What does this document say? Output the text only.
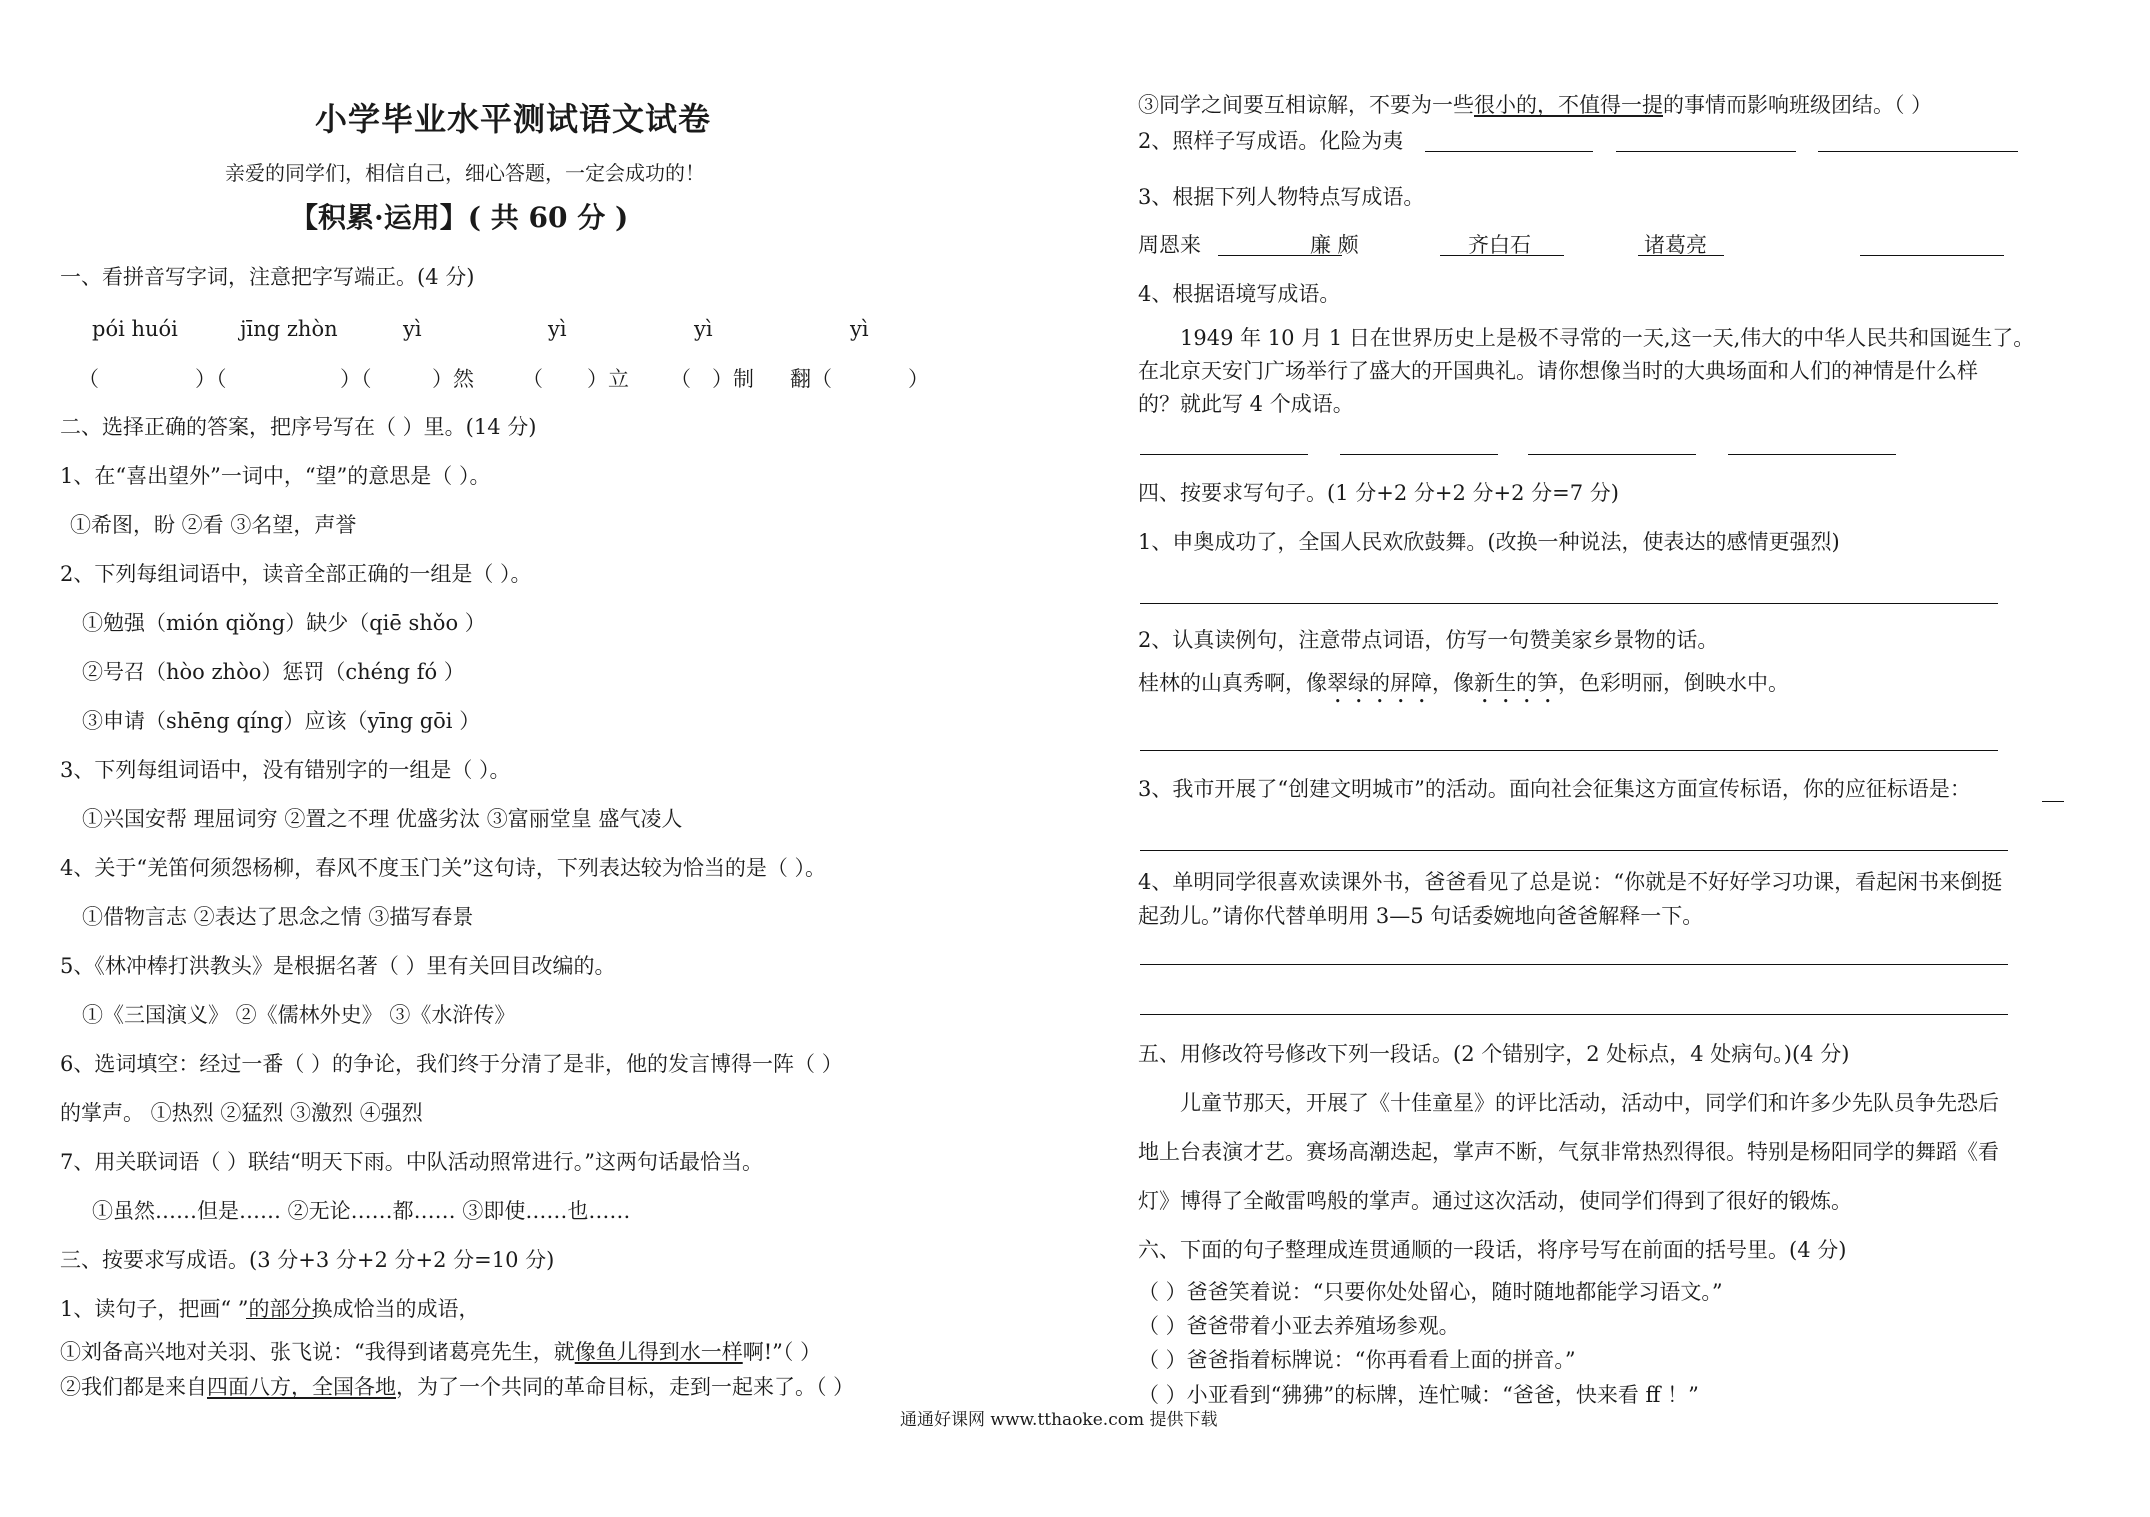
小学毕业水平测试语文试卷
亲爱的同学们，相信自己，细心答题，一定会成功的！
【积累·运用】( 共 60 分 )
一、看拼音写字词，注意把字写端正。(4 分)
pói huói	jīng zhòn	yì	yì	yì	yì
（	）（	）（	）然 （ ）立 （ ）制 翻（	）
二、选择正确的答案，把序号写在（ ）里。(14 分)
1、在“喜出望外”一词中，“望”的意思是（ ）。
①希图，盼 ②看 ③名望，声誉
2、下列每组词语中，读音全部正确的一组是（ ）。
①勉强（mión qiǒng）缺少（qiē shǒo ）
②号召（hòo zhòo）惩罚（chéng fó ）
③申请（shēng qíng）应该（yīng gōi ）
3、下列每组词语中，没有错别字的一组是（ ）。
①兴国安帮 理屈词穷 ②置之不理 优盛劣汰 ③富丽堂皇 盛气凌人
4、关于“羌笛何须怨杨柳，春风不度玉门关”这句诗，下列表达较为恰当的是（ ）。
①借物言志 ②表达了思念之情 ③描写春景
5、《林冲棒打洪教头》是根据名著（ ）里有关回目改编的。
①《三国演义》 ②《儒林外史》 ③《水浒传》
6、选词填空：经过一番（ ）的争论，我们终于分清了是非，他的发言博得一阵（ ）
的掌声。 ①热烈 ②猛烈 ③激烈 ④强烈
7、用关联词语（ ）联结“明天下雨。中队活动照常进行。”这两句话最恰当。
①虽然……但是…… ②无论……都…… ③即使……也……
三、按要求写成语。(3 分+3 分+2 分+2 分=10 分)
1、读句子，把画“ ”的部分换成恰当的成语，
①刘备高兴地对关羽、张飞说：“我得到诸葛亮先生，就像鱼儿得到水一样啊!”（ ）
②我们都是来自四面八方，全国各地，为了一个共同的革命目标，走到一起来了。（ ）
③同学之间要互相谅解，不要为一些很小的，不值得一提的事情而影响班级团结。（ ）
2、照样子写成语。化险为夷
3、根据下列人物特点写成语。
周恩来	廉 颇	齐白石	诸葛亮
4、根据语境写成语。
1949 年 10 月 1 日在世界历史上是极不寻常的一天,这一天,伟大的中华人民共和国诞生了。
在北京天安门广场举行了盛大的开国典礼。请你想像当时的大典场面和人们的神情是什么样
的？就此写 4 个成语。
四、按要求写句子。(1 分+2 分+2 分+2 分=7 分)
1、申奥成功了，全国人民欢欣鼓舞。(改换一种说法，使表达的感情更强烈)
2、认真读例句，注意带点词语，仿写一句赞美家乡景物的话。
桂林的山真秀啊，像翠绿的屏障，像新生的笋，色彩明丽，倒映水中。
3、我市开展了“创建文明城市”的活动。面向社会征集这方面宣传标语，你的应征标语是：
4、单明同学很喜欢读课外书，爸爸看见了总是说：“你就是不好好学习功课，看起闲书来倒挺
起劲儿。”请你代替单明用 3—5 句话委婉地向爸爸解释一下。
五、用修改符号修改下列一段话。(2 个错别字，2 处标点，4 处病句。)(4 分)
儿童节那天，开展了《十佳童星》的评比活动，活动中，同学们和许多少先队员争先恐后
地上台表演才艺。赛场高潮迭起，掌声不断，气氛非常热烈得很。特别是杨阳同学的舞蹈《看
灯》博得了全敞雷鸣般的掌声。通过这次活动，使同学们得到了很好的锻炼。
六、下面的句子整理成连贯通顺的一段话，将序号写在前面的括号里。(4 分)
（ ）爸爸笑着说：“只要你处处留心，随时随地都能学习语文。”
（ ）爸爸带着小亚去养殖场参观。
（ ）爸爸指着标牌说：“你再看看上面的拼音。”
（ ）小亚看到“狒狒”的标牌，连忙喊：“爸爸，快来看 ff ！”
通通好课网 www.tthaoke.com 提供下载
